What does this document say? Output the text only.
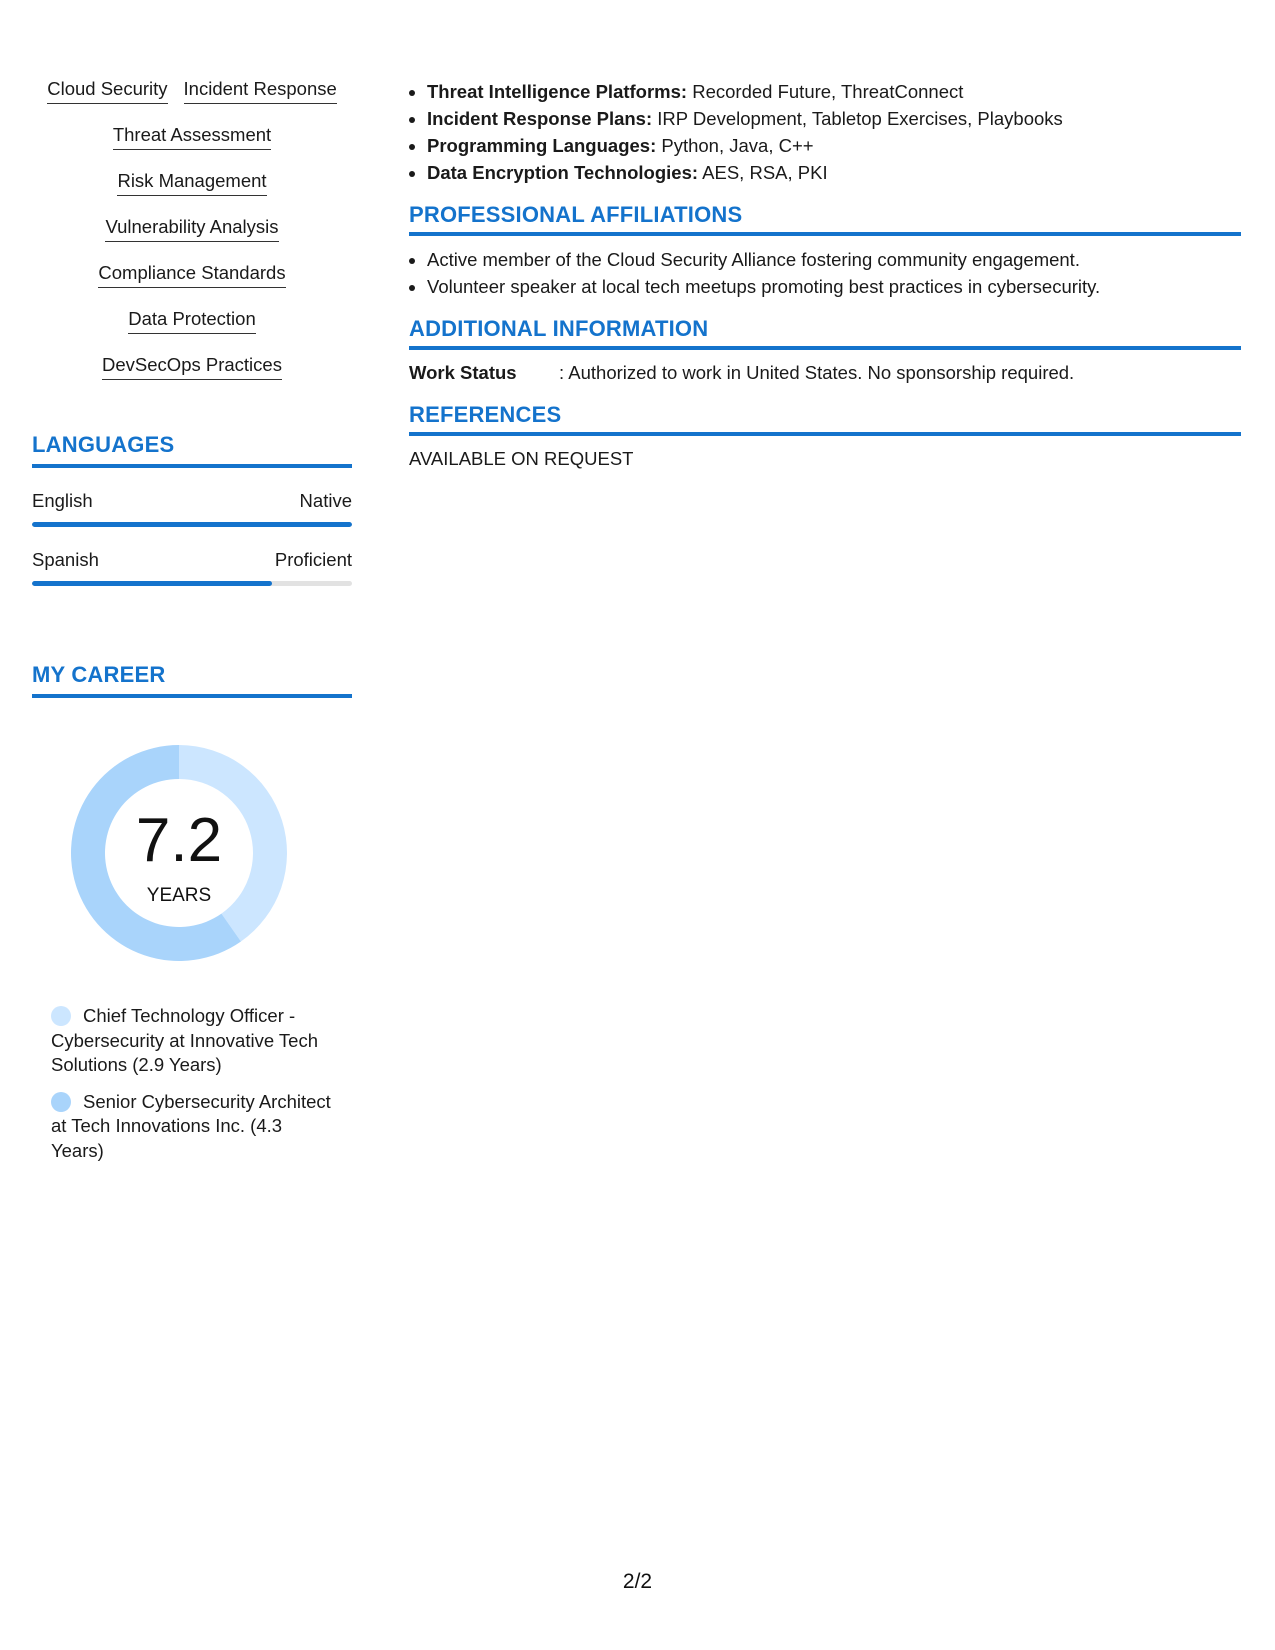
Cloud Security Incident Response
Threat Assessment
Risk Management
Vulnerability Analysis
Compliance Standards
Data Protection
DevSecOps Practices
LANGUAGES
English	Native
Spanish	Proficient
MY CAREER
7.2
YEARS
Chief Technology Officer - Cybersecurity at Innovative Tech Solutions (2.9 Years)
Senior Cybersecurity Architect at Tech Innovations Inc. (4.3 Years)
• Threat Intelligence Platforms: Recorded Future, ThreatConnect
• Incident Response Plans: IRP Development, Tabletop Exercises, Playbooks
• Programming Languages: Python, Java, C++
• Data Encryption Technologies: AES, RSA, PKI
PROFESSIONAL AFFILIATIONS
• Active member of the Cloud Security Alliance fostering community engagement.
• Volunteer speaker at local tech meetups promoting best practices in cybersecurity.
ADDITIONAL INFORMATION
Work Status	: Authorized to work in United States. No sponsorship required.
REFERENCES
AVAILABLE ON REQUEST
2/2
